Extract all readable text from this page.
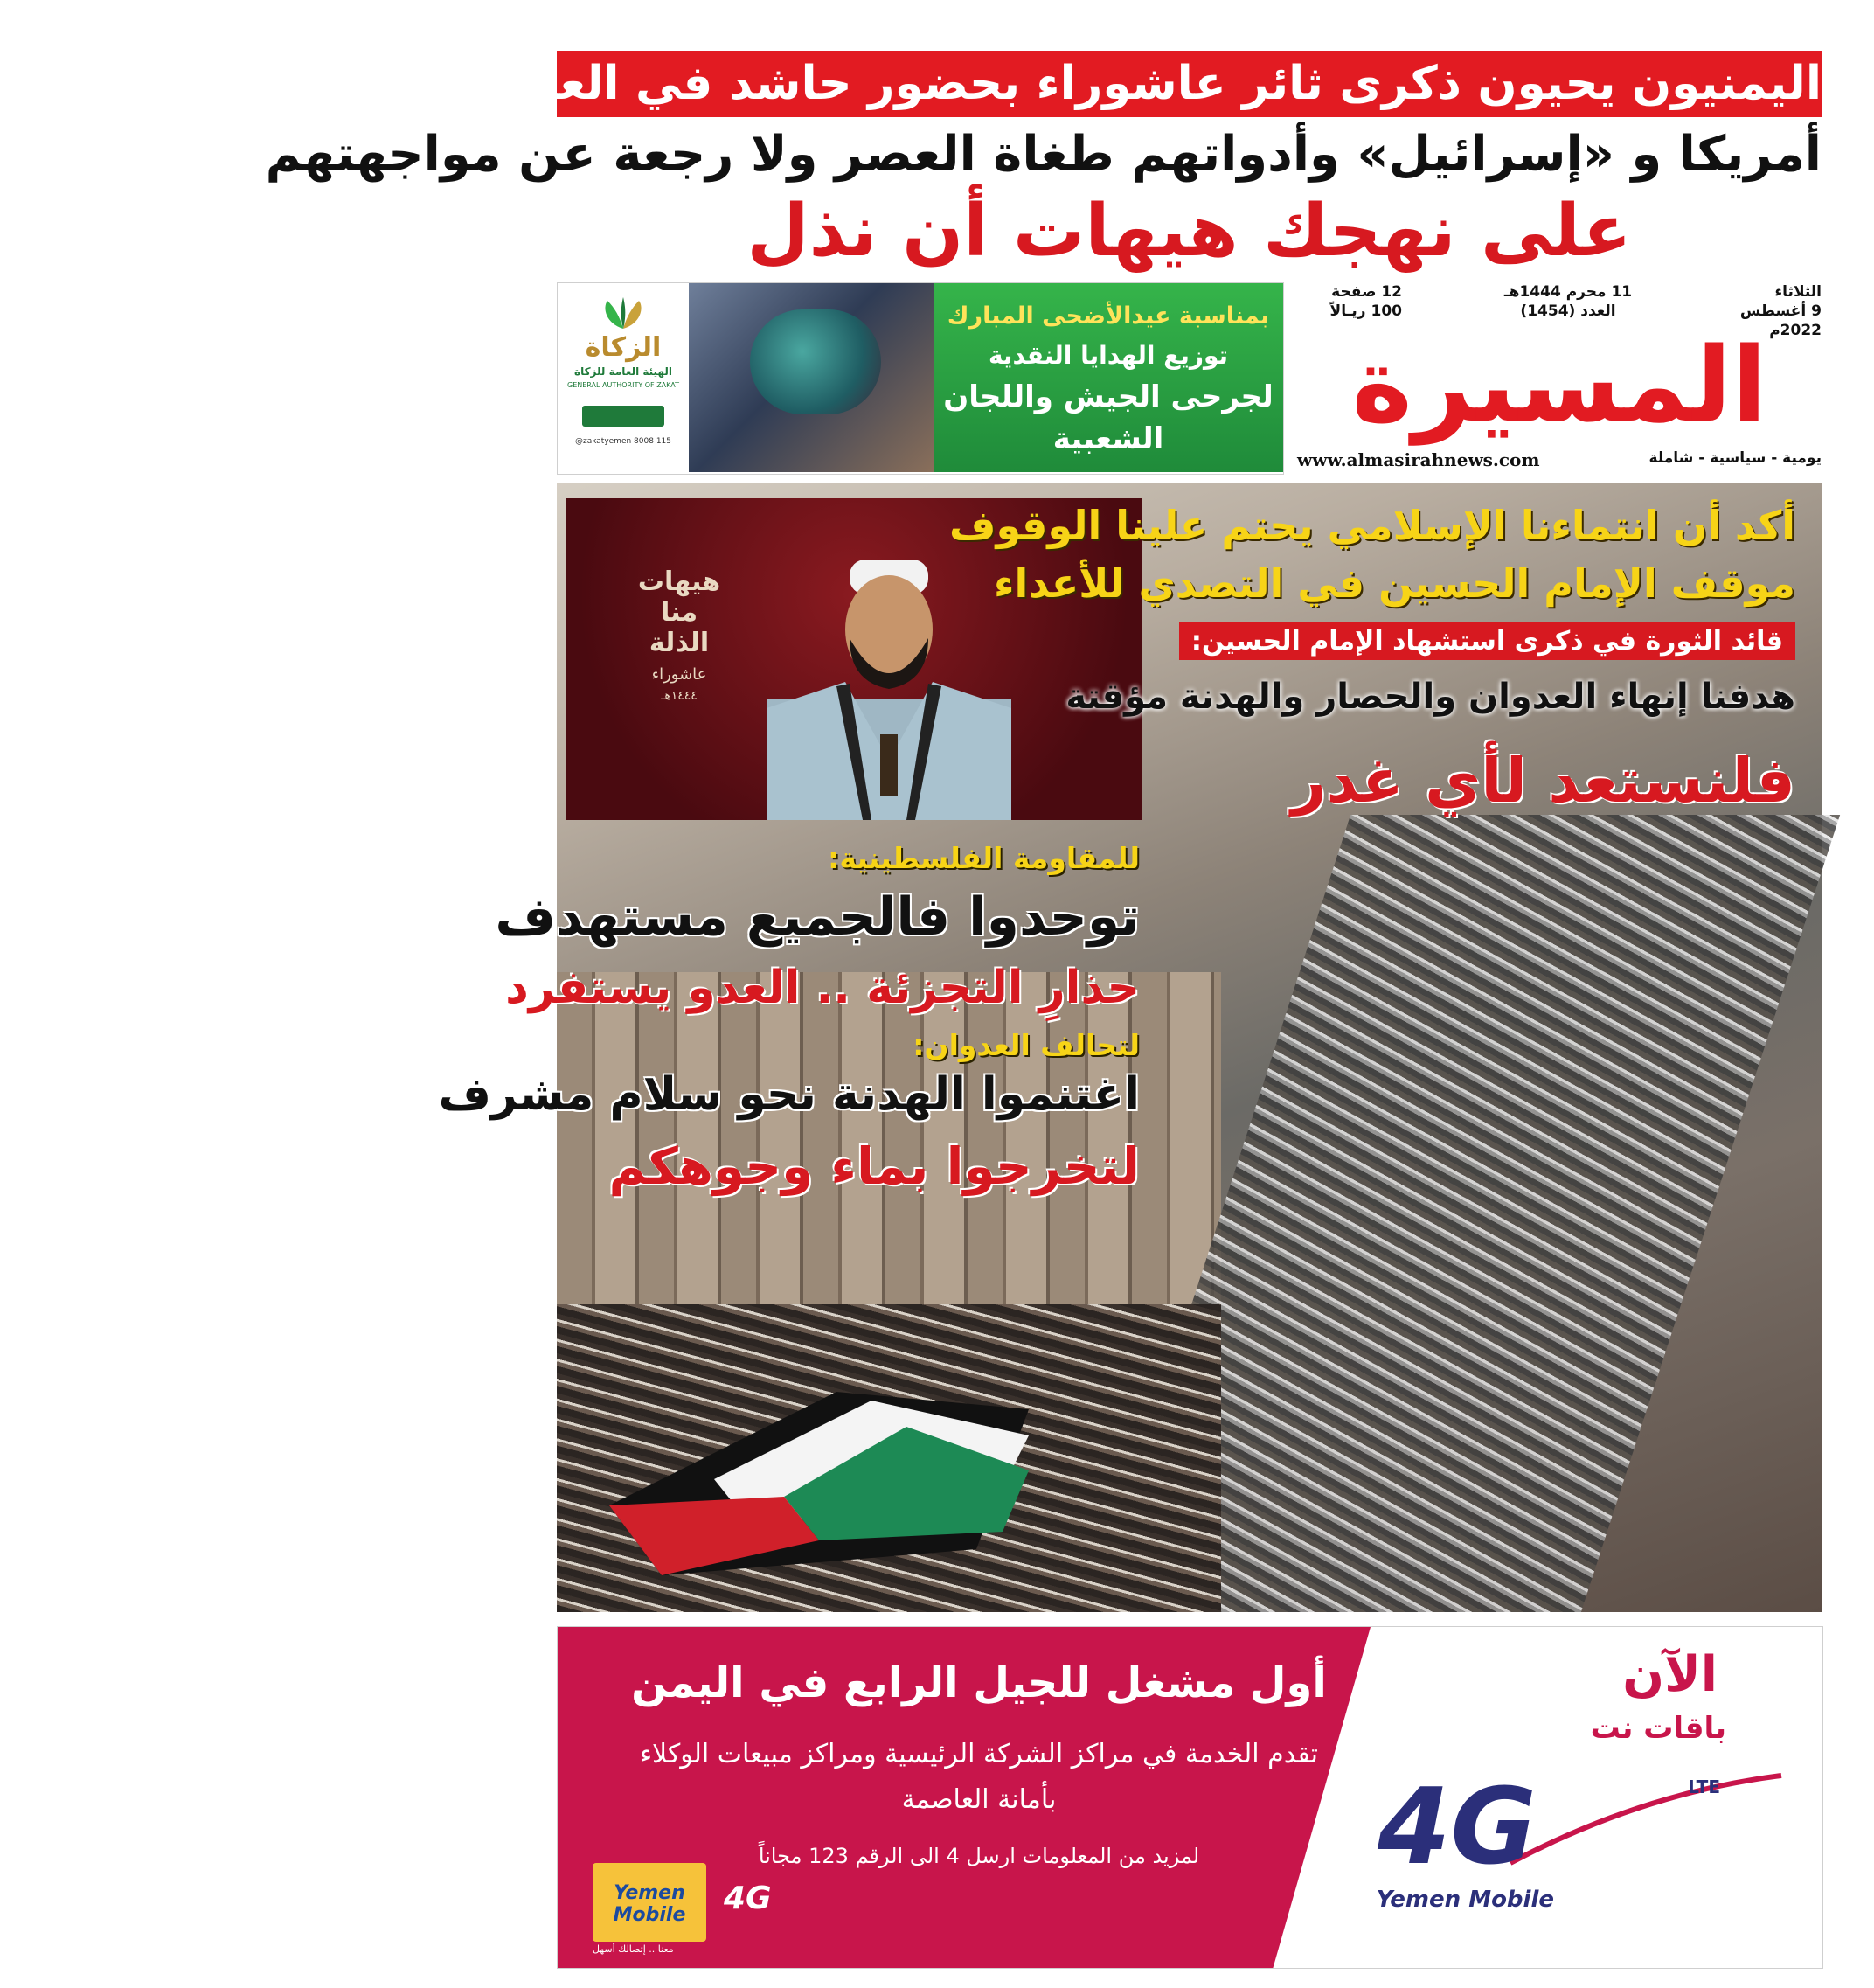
اليمنيون يحيون ذكرى ثائر عاشوراء بحضور حاشد في العاصمة والمحافظات الحرة
أمريكا و «إسرائيل» وأدواتهم طغاة العصر ولا رجعة عن مواجهتهم
على نهجك هيهات أن نذل
بمناسبة عيدالأضحى المبارك
توزيع الهدايا النقدية
لجرحى الجيش واللجان
الشعبية
الزكاة
الهيئة العامة للزكاة
GENERAL AUTHORITY OF ZAKAT
@zakatyemen 8008 115
الثلاثاء
9 أغسطس 2022م
11 محرم 1444هـ
العدد (1454)
12 صفحة
100 ريـالاً
المسيرة
يومية - سياسية - شاملة
www.almasirahnews.com
هيهات منا الذلة
عاشوراء
١٤٤٤هـ
أكد أن انتماءنا الإسلامي يحتم علينا الوقوف
موقف الإمام الحسين في التصدي للأعداء
قائد الثورة في ذكرى استشهاد الإمام الحسين:
هدفنا إنهاء العدوان والحصار والهدنة مؤقتة
فلنستعد لأي غدر
للمقاومة الفلسطينية:
توحدوا فالجميع مستهدف
حذارِ التجزئة .. العدو يستفرد
لتحالف العدوان:
اغتنموا الهدنة نحو سلام مشرف
لتخرجوا بماء وجوهكم
أول مشغل للجيل الرابع في اليمن
تقدم الخدمة في مراكز الشركة الرئيسية ومراكز مبيعات الوكلاء
بأمانة العاصمة
لمزيد من المعلومات ارسل 4 الى الرقم 123 مجاناً
الآن
باقات نت
4G	LTE
Yemen Mobile
Yemen Mobile	4G
معنا .. إتصالك أسهل
